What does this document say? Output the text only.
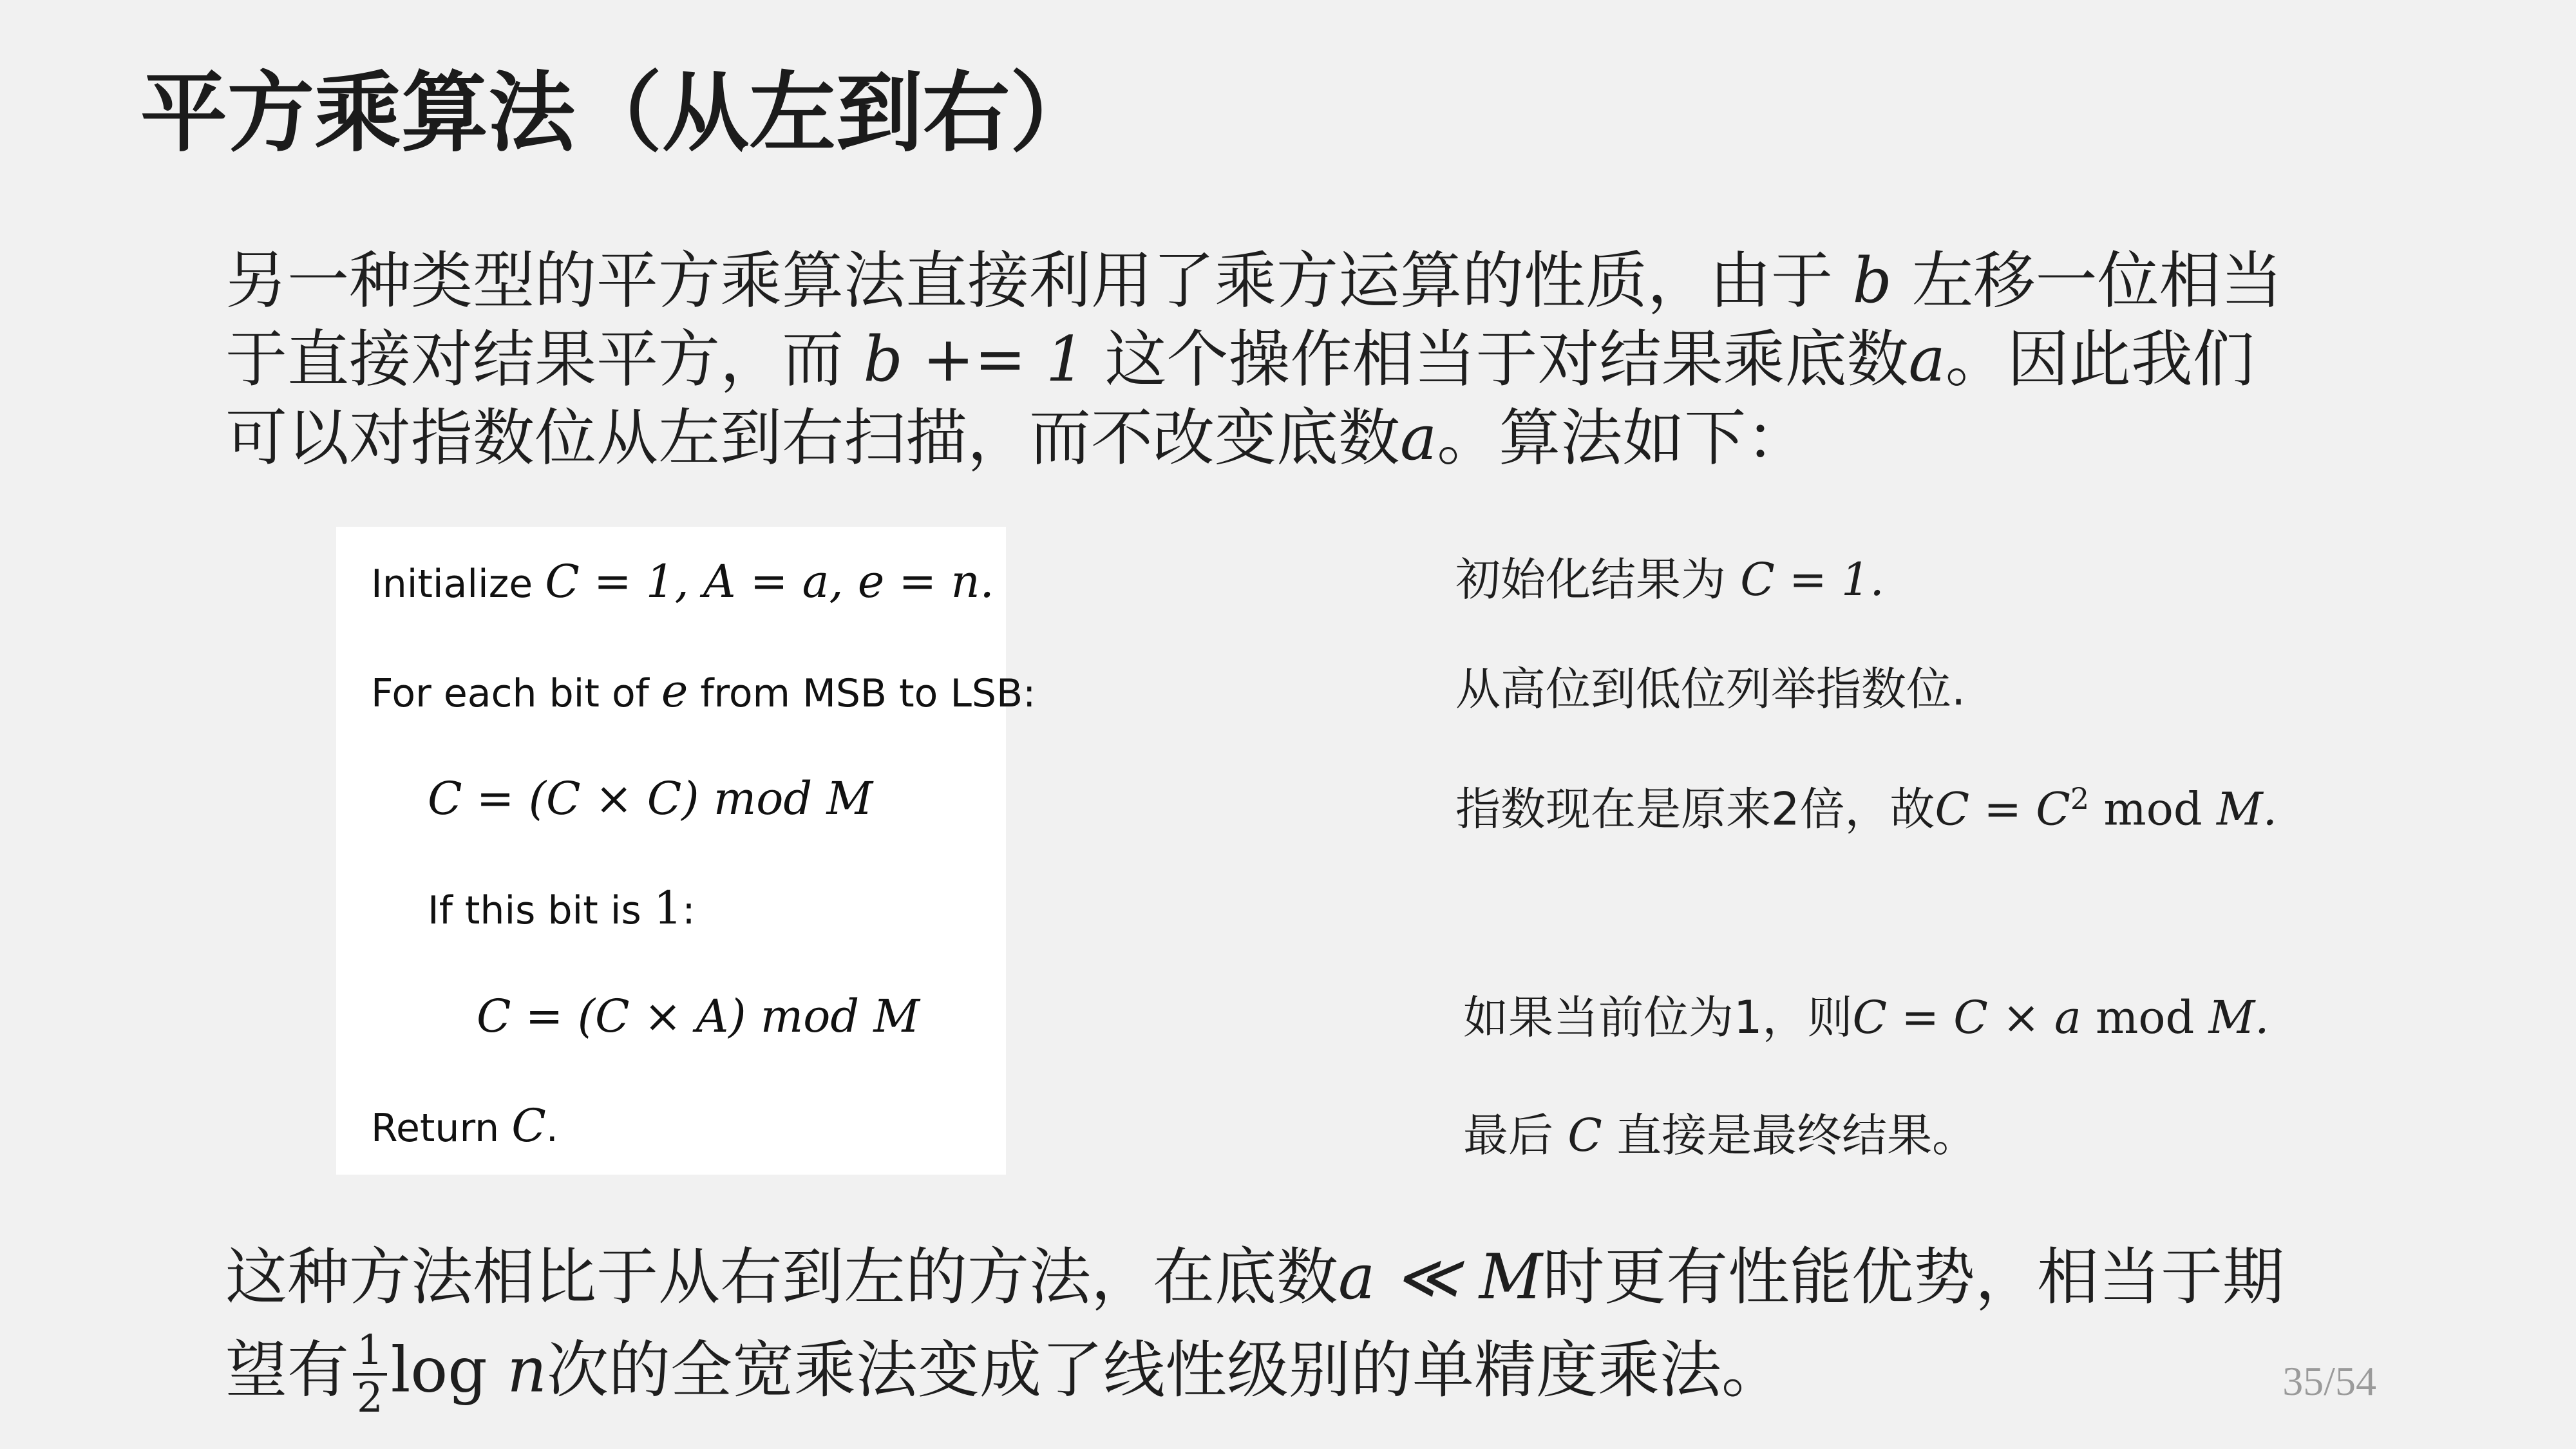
平方乘算法（从左到右）
另一种类型的平方乘算法直接利用了乘方运算的性质，由于 b 左移一位相当
于直接对结果平方，而 b += 1 这个操作相当于对结果乘底数a。因此我们
可以对指数位从左到右扫描，而不改变底数a。算法如下：
Initialize C = 1, A = a, e = n.
For each bit of e from MSB to LSB:
C = (C × C) mod M
If this bit is 1:
C = (C × A) mod M
Return C.
初始化结果为 C = 1.
从高位到低位列举指数位.
指数现在是原来2倍，故$C = C^2$ mod M.
如果当前位为1，则C = C × a mod M.
最后 C 直接是最终结果。
这种方法相比于从右到左的方法，在底数a ≪ M时更有性能优势，相当于期
望有 $\frac{1}{2}$ log n次的全宽乘法变成了线性级别的单精度乘法。	35/54
